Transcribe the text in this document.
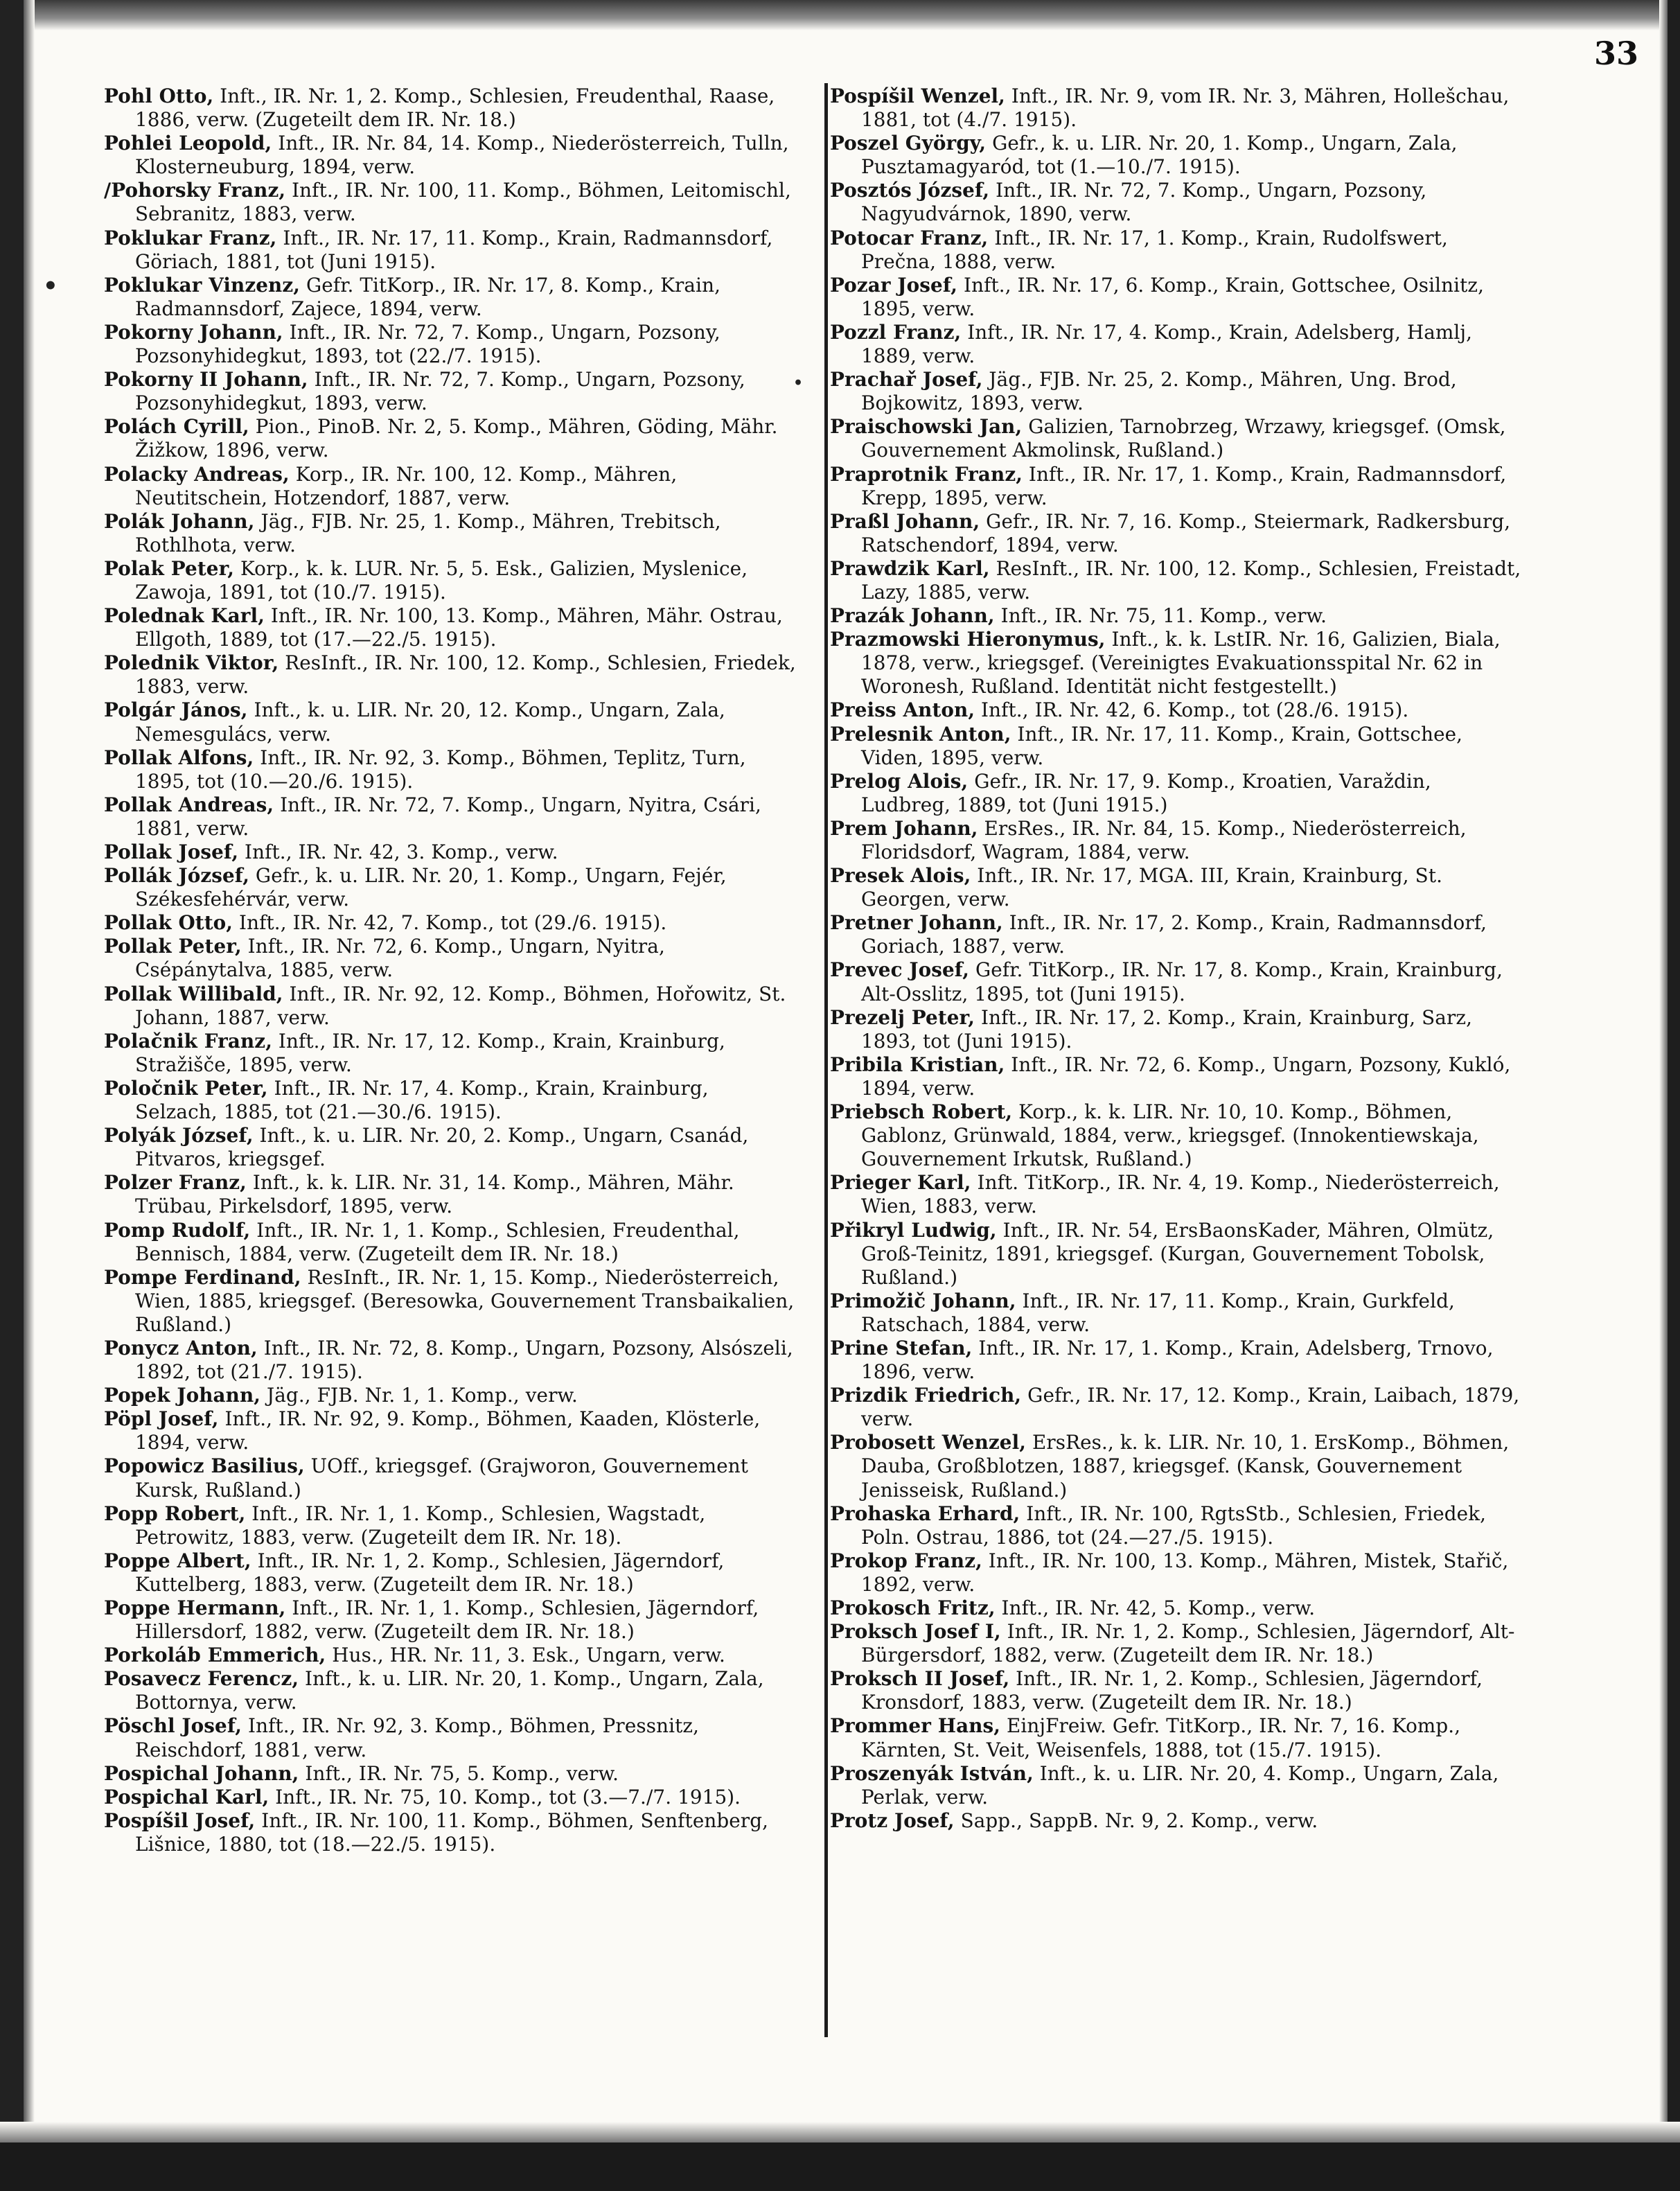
33

Pohl Otto, Inft., IR. Nr. 1, 2. Komp., Schlesien, Freudenthal, Raase, 1886, verw. (Zugeteilt dem IR. Nr. 18.)

Pohlei Leopold, Inft., IR. Nr. 84, 14. Komp., Niederösterreich, Tulln, Klosterneuburg, 1894, verw.

/Pohorsky Franz, Inft., IR. Nr. 100, 11. Komp., Böhmen, Leitomischl, Sebranitz, 1883, verw.

Poklukar Franz, Inft., IR. Nr. 17, 11. Komp., Krain, Radmannsdorf, Göriach, 1881, tot (Juni 1915).

Poklukar Vinzenz, Gefr. TitKorp., IR. Nr. 17, 8. Komp., Krain, Radmannsdorf, Zajece, 1894, verw.

Pokorny Johann, Inft., IR. Nr. 72, 7. Komp., Ungarn, Pozsony, Pozsonyhidegkut, 1893, tot (22./7. 1915).

Pokorny II Johann, Inft., IR. Nr. 72, 7. Komp., Ungarn, Pozsony, Pozsonyhidegkut, 1893, verw.

Polách Cyrill, Pion., PinoB. Nr. 2, 5. Komp., Mähren, Göding, Mähr. Žižkow, 1896, verw.

Polacky Andreas, Korp., IR. Nr. 100, 12. Komp., Mähren, Neutitschein, Hotzendorf, 1887, verw.

Polák Johann, Jäg., FJB. Nr. 25, 1. Komp., Mähren, Trebitsch, Rothlhota, verw.

Polak Peter, Korp., k. k. LUR. Nr. 5, 5. Esk., Galizien, Myslenice, Zawoja, 1891, tot (10./7. 1915).

Polednak Karl, Inft., IR. Nr. 100, 13. Komp., Mähren, Mähr. Ostrau, Ellgoth, 1889, tot (17.—22./5. 1915).

Polednik Viktor, ResInft., IR. Nr. 100, 12. Komp., Schlesien, Friedek, 1883, verw.

Polgár János, Inft., k. u. LIR. Nr. 20, 12. Komp., Ungarn, Zala, Nemesgulács, verw.

Pollak Alfons, Inft., IR. Nr. 92, 3. Komp., Böhmen, Teplitz, Turn, 1895, tot (10.—20./6. 1915).

Pollak Andreas, Inft., IR. Nr. 72, 7. Komp., Ungarn, Nyitra, Csári, 1881, verw.

Pollak Josef, Inft., IR. Nr. 42, 3. Komp., verw.

Pollák József, Gefr., k. u. LIR. Nr. 20, 1. Komp., Ungarn, Fejér, Székesfehérvár, verw.

Pollak Otto, Inft., IR. Nr. 42, 7. Komp., tot (29./6. 1915).

Pollak Peter, Inft., IR. Nr. 72, 6. Komp., Ungarn, Nyitra, Csépánytalva, 1885, verw.

Pollak Willibald, Inft., IR. Nr. 92, 12. Komp., Böhmen, Hořowitz, St. Johann, 1887, verw.

Polačnik Franz, Inft., IR. Nr. 17, 12. Komp., Krain, Krainburg, Stražišče, 1895, verw.

Poločnik Peter, Inft., IR. Nr. 17, 4. Komp., Krain, Krainburg, Selzach, 1885, tot (21.—30./6. 1915).

Polyák József, Inft., k. u. LIR. Nr. 20, 2. Komp., Ungarn, Csanád, Pitvaros, kriegsgef.

Polzer Franz, Inft., k. k. LIR. Nr. 31, 14. Komp., Mähren, Mähr. Trübau, Pirkelsdorf, 1895, verw.

Pomp Rudolf, Inft., IR. Nr. 1, 1. Komp., Schlesien, Freudenthal, Bennisch, 1884, verw. (Zugeteilt dem IR. Nr. 18.)

Pompe Ferdinand, ResInft., IR. Nr. 1, 15. Komp., Niederösterreich, Wien, 1885, kriegsgef. (Beresowka, Gouvernement Transbaikalien, Rußland.)

Ponycz Anton, Inft., IR. Nr. 72, 8. Komp., Ungarn, Pozsony, Alsószeli, 1892, tot (21./7. 1915).

Popek Johann, Jäg., FJB. Nr. 1, 1. Komp., verw.

Pöpl Josef, Inft., IR. Nr. 92, 9. Komp., Böhmen, Kaaden, Klösterle, 1894, verw.

Popowicz Basilius, UOff., kriegsgef. (Grajworon, Gouvernement Kursk, Rußland.)

Popp Robert, Inft., IR. Nr. 1, 1. Komp., Schlesien, Wagstadt, Petrowitz, 1883, verw. (Zugeteilt dem IR. Nr. 18).

Poppe Albert, Inft., IR. Nr. 1, 2. Komp., Schlesien, Jägerndorf, Kuttelberg, 1883, verw. (Zugeteilt dem IR. Nr. 18.)

Poppe Hermann, Inft., IR. Nr. 1, 1. Komp., Schlesien, Jägerndorf, Hillersdorf, 1882, verw. (Zugeteilt dem IR. Nr. 18.)

Porkoláb Emmerich, Hus., HR. Nr. 11, 3. Esk., Ungarn, verw.

Posavecz Ferencz, Inft., k. u. LIR. Nr. 20, 1. Komp., Ungarn, Zala, Bottornya, verw.

Pöschl Josef, Inft., IR. Nr. 92, 3. Komp., Böhmen, Pressnitz, Reischdorf, 1881, verw.

Pospichal Johann, Inft., IR. Nr. 75, 5. Komp., verw.

Pospichal Karl, Inft., IR. Nr. 75, 10. Komp., tot (3.—7./7. 1915).

Pospíšil Josef, Inft., IR. Nr. 100, 11. Komp., Böhmen, Senftenberg, Lišnice, 1880, tot (18.—22./5. 1915).

Pospíšil Wenzel, Inft., IR. Nr. 9, vom IR. Nr. 3, Mähren, Hollešchau, 1881, tot (4./7. 1915).

Poszel György, Gefr., k. u. LIR. Nr. 20, 1. Komp., Ungarn, Zala, Pusztamagyaród, tot (1.—10./7. 1915).

Posztós József, Inft., IR. Nr. 72, 7. Komp., Ungarn, Pozsony, Nagyudvárnok, 1890, verw.

Potocar Franz, Inft., IR. Nr. 17, 1. Komp., Krain, Rudolfswert, Prečna, 1888, verw.

Pozar Josef, Inft., IR. Nr. 17, 6. Komp., Krain, Gottschee, Osilnitz, 1895, verw.

Pozzl Franz, Inft., IR. Nr. 17, 4. Komp., Krain, Adelsberg, Hamlj, 1889, verw.

Prachař Josef, Jäg., FJB. Nr. 25, 2. Komp., Mähren, Ung. Brod, Bojkowitz, 1893, verw.

Praischowski Jan, Galizien, Tarnobrzeg, Wrzawy, kriegsgef. (Omsk, Gouvernement Akmolinsk, Rußland.)

Praprotnik Franz, Inft., IR. Nr. 17, 1. Komp., Krain, Radmannsdorf, Krepp, 1895, verw.

Praßl Johann, Gefr., IR. Nr. 7, 16. Komp., Steiermark, Radkersburg, Ratschendorf, 1894, verw.

Prawdzik Karl, ResInft., IR. Nr. 100, 12. Komp., Schlesien, Freistadt, Lazy, 1885, verw.

Prazák Johann, Inft., IR. Nr. 75, 11. Komp., verw.

Prazmowski Hieronymus, Inft., k. k. LstIR. Nr. 16, Galizien, Biala, 1878, verw., kriegsgef. (Vereinigtes Evakuationsspital Nr. 62 in Woronesh, Rußland. Identität nicht festgestellt.)

Preiss Anton, Inft., IR. Nr. 42, 6. Komp., tot (28./6. 1915).

Prelesnik Anton, Inft., IR. Nr. 17, 11. Komp., Krain, Gottschee, Viden, 1895, verw.

Prelog Alois, Gefr., IR. Nr. 17, 9. Komp., Kroatien, Varaždin, Ludbreg, 1889, tot (Juni 1915.)

Prem Johann, ErsRes., IR. Nr. 84, 15. Komp., Niederösterreich, Floridsdorf, Wagram, 1884, verw.

Presek Alois, Inft., IR. Nr. 17, MGA. III, Krain, Krainburg, St. Georgen, verw.

Pretner Johann, Inft., IR. Nr. 17, 2. Komp., Krain, Radmannsdorf, Goriach, 1887, verw.

Prevec Josef, Gefr. TitKorp., IR. Nr. 17, 8. Komp., Krain, Krainburg, Alt-Osslitz, 1895, tot (Juni 1915).

Prezelj Peter, Inft., IR. Nr. 17, 2. Komp., Krain, Krainburg, Sarz, 1893, tot (Juni 1915).

Pribila Kristian, Inft., IR. Nr. 72, 6. Komp., Ungarn, Pozsony, Kukló, 1894, verw.

Priebsch Robert, Korp., k. k. LIR. Nr. 10, 10. Komp., Böhmen, Gablonz, Grünwald, 1884, verw., kriegsgef. (Innokentiewskaja, Gouvernement Irkutsk, Rußland.)

Prieger Karl, Inft. TitKorp., IR. Nr. 4, 19. Komp., Niederösterreich, Wien, 1883, verw.

Přikryl Ludwig, Inft., IR. Nr. 54, ErsBaonsKader, Mähren, Olmütz, Groß-Teinitz, 1891, kriegsgef. (Kurgan, Gouvernement Tobolsk, Rußland.)

Primožič Johann, Inft., IR. Nr. 17, 11. Komp., Krain, Gurkfeld, Ratschach, 1884, verw.

Prine Stefan, Inft., IR. Nr. 17, 1. Komp., Krain, Adelsberg, Trnovo, 1896, verw.

Prizdik Friedrich, Gefr., IR. Nr. 17, 12. Komp., Krain, Laibach, 1879, verw.

Probosett Wenzel, ErsRes., k. k. LIR. Nr. 10, 1. ErsKomp., Böhmen, Dauba, Großblotzen, 1887, kriegsgef. (Kansk, Gouvernement Jenisseisk, Rußland.)

Prohaska Erhard, Inft., IR. Nr. 100, RgtsStb., Schlesien, Friedek, Poln. Ostrau, 1886, tot (24.—27./5. 1915).

Prokop Franz, Inft., IR. Nr. 100, 13. Komp., Mähren, Mistek, Stařič, 1892, verw.

Prokosch Fritz, Inft., IR. Nr. 42, 5. Komp., verw.

Proksch Josef I, Inft., IR. Nr. 1, 2. Komp., Schlesien, Jägerndorf, Alt-Bürgersdorf, 1882, verw. (Zugeteilt dem IR. Nr. 18.)

Proksch II Josef, Inft., IR. Nr. 1, 2. Komp., Schlesien, Jägerndorf, Kronsdorf, 1883, verw. (Zugeteilt dem IR. Nr. 18.)

Prommer Hans, EinjFreiw. Gefr. TitKorp., IR. Nr. 7, 16. Komp., Kärnten, St. Veit, Weisenfels, 1888, tot (15./7. 1915).

Proszenyák István, Inft., k. u. LIR. Nr. 20, 4. Komp., Ungarn, Zala, Perlak, verw.

Protz Josef, Sapp., SappB. Nr. 9, 2. Komp., verw.

•
•
